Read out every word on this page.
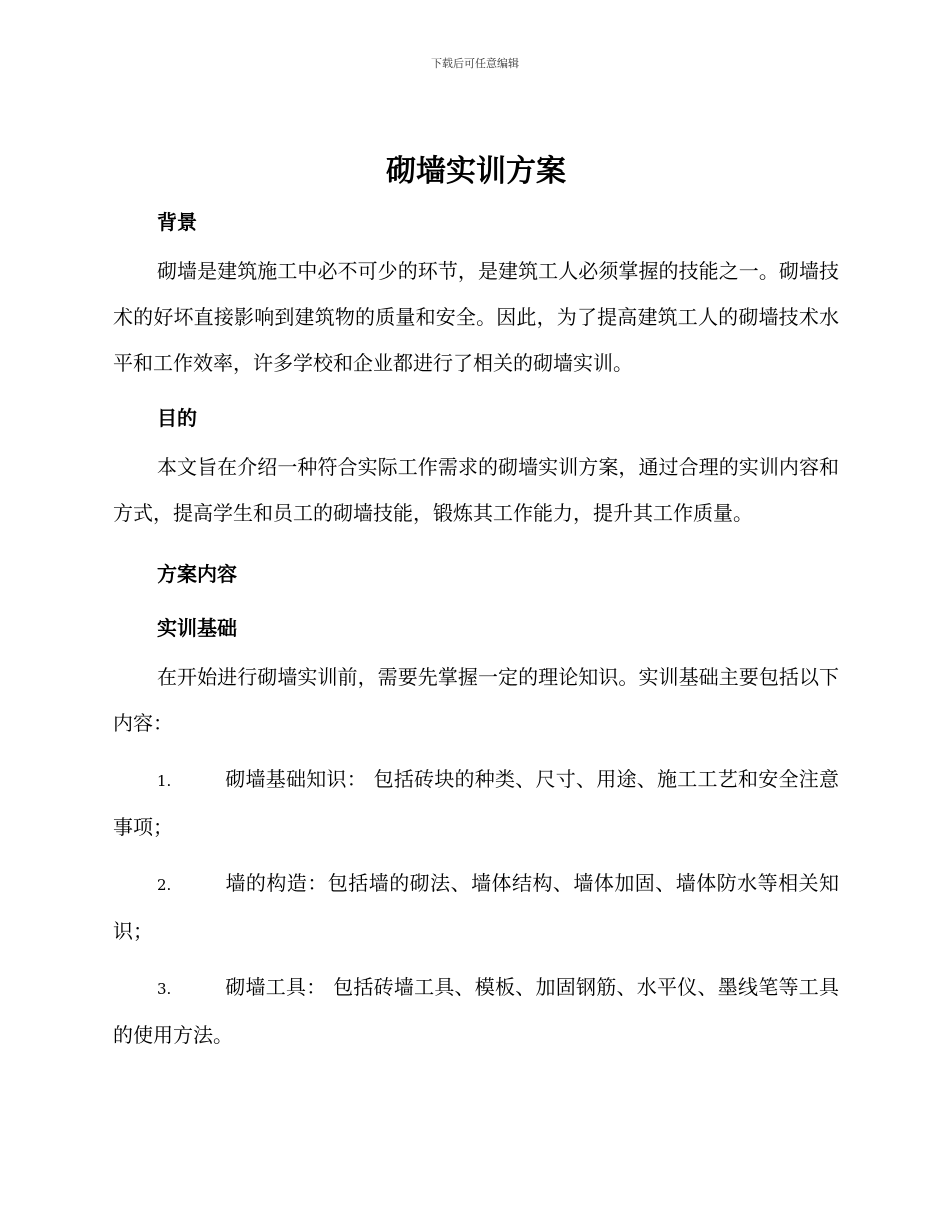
下载后可任意编辑
砌墙实训方案
背景

砌墙是建筑施工中必不可少的环节，是建筑工人必须掌握的技能之一。砌墙技术的好坏直接影响到建筑物的质量和安全。因此，为了提高建筑工人的砌墙技术水平和工作效率，许多学校和企业都进行了相关的砌墙实训。

目的

本文旨在介绍一种符合实际工作需求的砌墙实训方案，通过合理的实训内容和方式，提高学生和员工的砌墙技能，锻炼其工作能力，提升其工作质量。

方案内容
实训基础

在开始进行砌墙实训前，需要先掌握一定的理论知识。实训基础主要包括以下内容：

1.	砌墙基础知识： 包括砖块的种类、尺寸、用途、施工工艺和安全注意事项；

2.	墙的构造：包括墙的砌法、墙体结构、墙体加固、墙体防水等相关知识；

3.	砌墙工具： 包括砖墙工具、模板、加固钢筋、水平仪、墨线笔等工具的使用方法。
